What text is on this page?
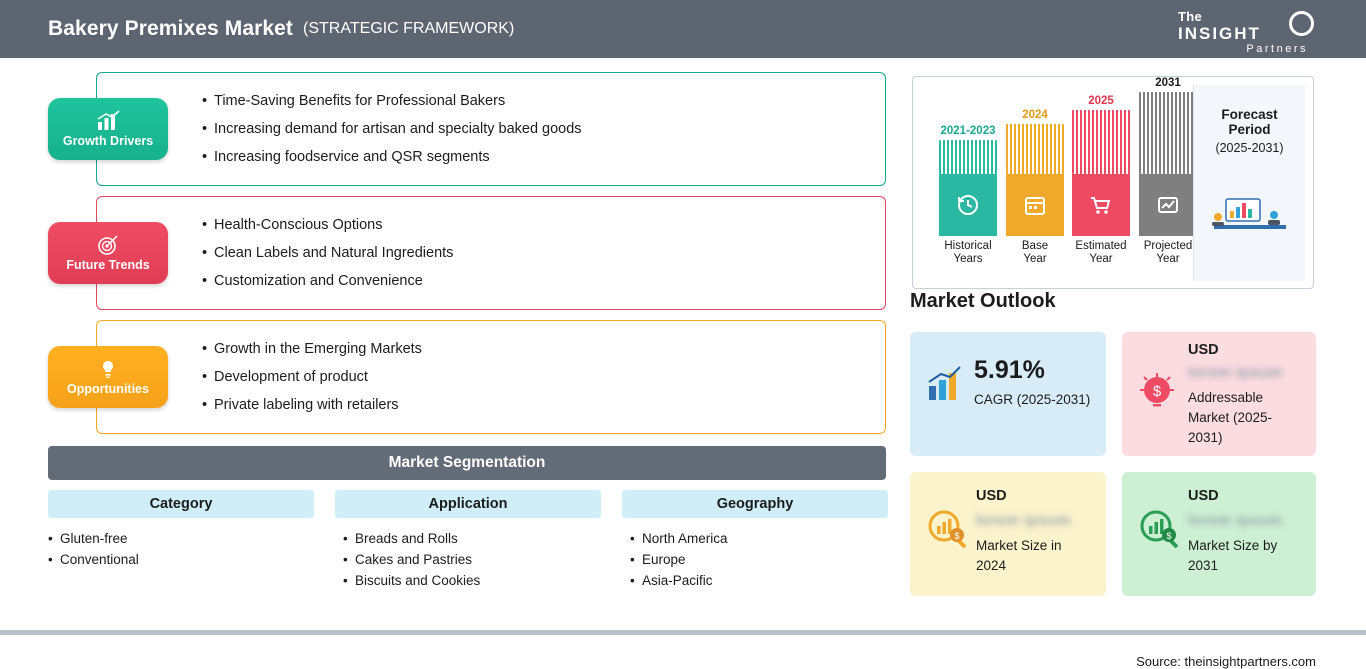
Bakery Premixes Market (STRATEGIC FRAMEWORK)
The
INSIGHT
Partners
• Time-Saving Benefits for Professional Bakers
• Increasing demand for artisan and specialty baked goods
• Increasing foodservice and QSR segments
Growth Drivers
• Health-Conscious Options
• Clean Labels and Natural Ingredients
• Customization and Convenience
Future Trends
• Growth in the Emerging Markets
• Development of product
• Private labeling with retailers
Opportunities
Market Segmentation
Category
• Gluten-free
• Conventional
Application
• Breads and Rolls
• Cakes and Pastries
• Biscuits and Cookies
Geography
• North America
• Europe
• Asia-Pacific
2021-2023
Historical
Years
2024
Base
Year
2025
Estimated
Year
2031
Projected
Year
Forecast
Period
(2025-2031)
Market Outlook
5.91%
CAGR (2025-2031)	$
USD
lorem ipsum
Addressable
Market (2025-
2031)
$
USD
lorem ipsum
Market Size in
2024
$
USD
lorem ipsum
Market Size by
2031
Source: theinsightpartners.com
